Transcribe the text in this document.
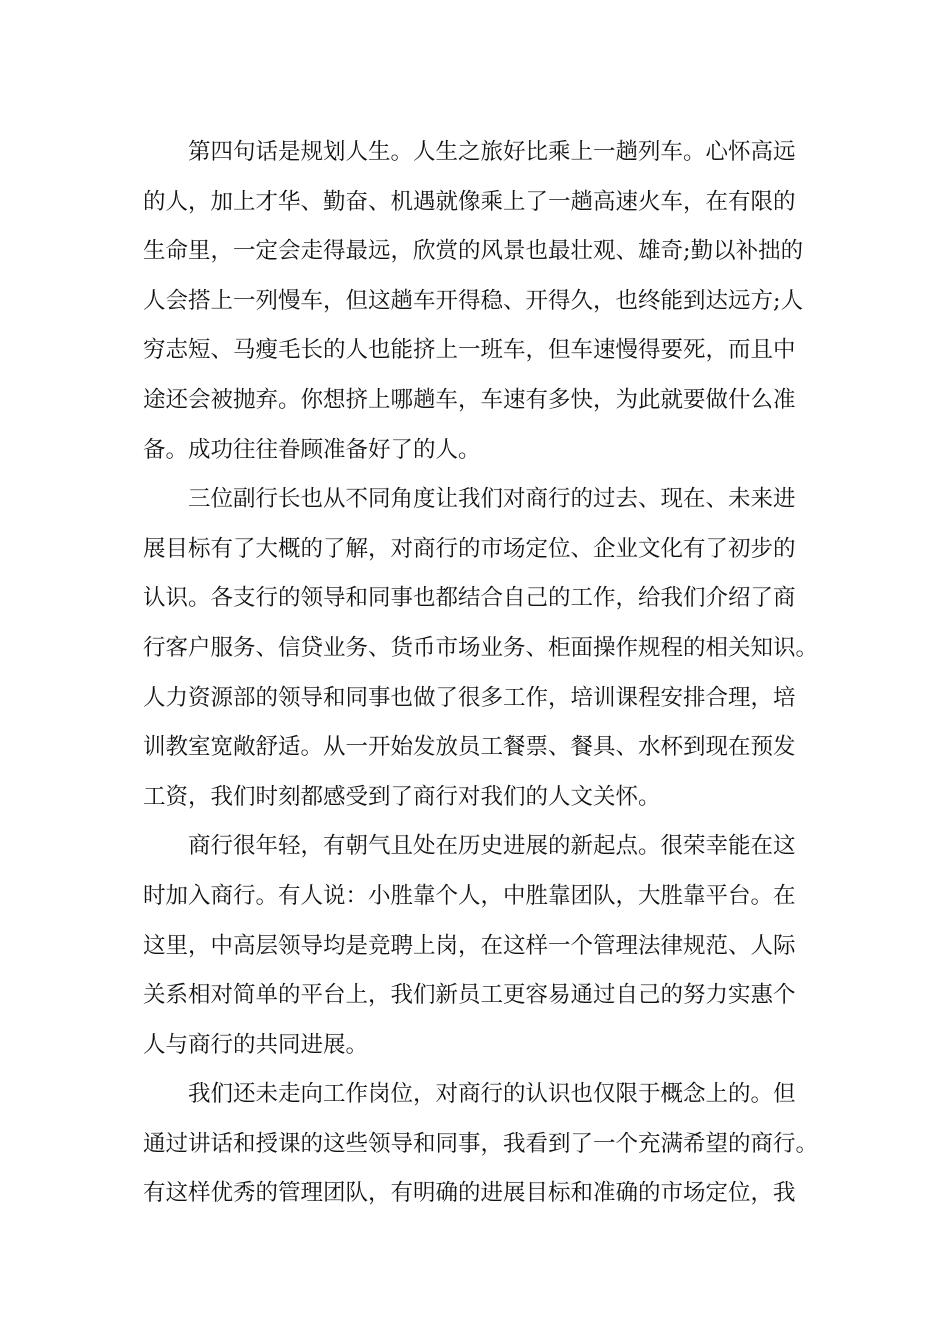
第四句话是规划人生。人生之旅好比乘上一趟列车。心怀高远
的人，加上才华、勤奋、机遇就像乘上了一趟高速火车，在有限的
生命里，一定会走得最远，欣赏的风景也最壮观、雄奇;勤以补拙的
人会搭上一列慢车，但这趟车开得稳、开得久，也终能到达远方;人
穷志短、马瘦毛长的人也能挤上一班车，但车速慢得要死，而且中
途还会被抛弃。你想挤上哪趟车，车速有多快，为此就要做什么准
备。成功往往眷顾准备好了的人。
三位副行长也从不同角度让我们对商行的过去、现在、未来进
展目标有了大概的了解，对商行的市场定位、企业文化有了初步的
认识。各支行的领导和同事也都结合自己的工作，给我们介绍了商
行客户服务、信贷业务、货币市场业务、柜面操作规程的相关知识。
人力资源部的领导和同事也做了很多工作，培训课程安排合理，培
训教室宽敞舒适。从一开始发放员工餐票、餐具、水杯到现在预发
工资，我们时刻都感受到了商行对我们的人文关怀。
商行很年轻，有朝气且处在历史进展的新起点。很荣幸能在这
时加入商行。有人说：小胜靠个人，中胜靠团队，大胜靠平台。在
这里，中高层领导均是竞聘上岗，在这样一个管理法律规范、人际
关系相对简单的平台上，我们新员工更容易通过自己的努力实惠个
人与商行的共同进展。
我们还未走向工作岗位，对商行的认识也仅限于概念上的。但
通过讲话和授课的这些领导和同事，我看到了一个充满希望的商行。
有这样优秀的管理团队，有明确的进展目标和准确的市场定位，我
